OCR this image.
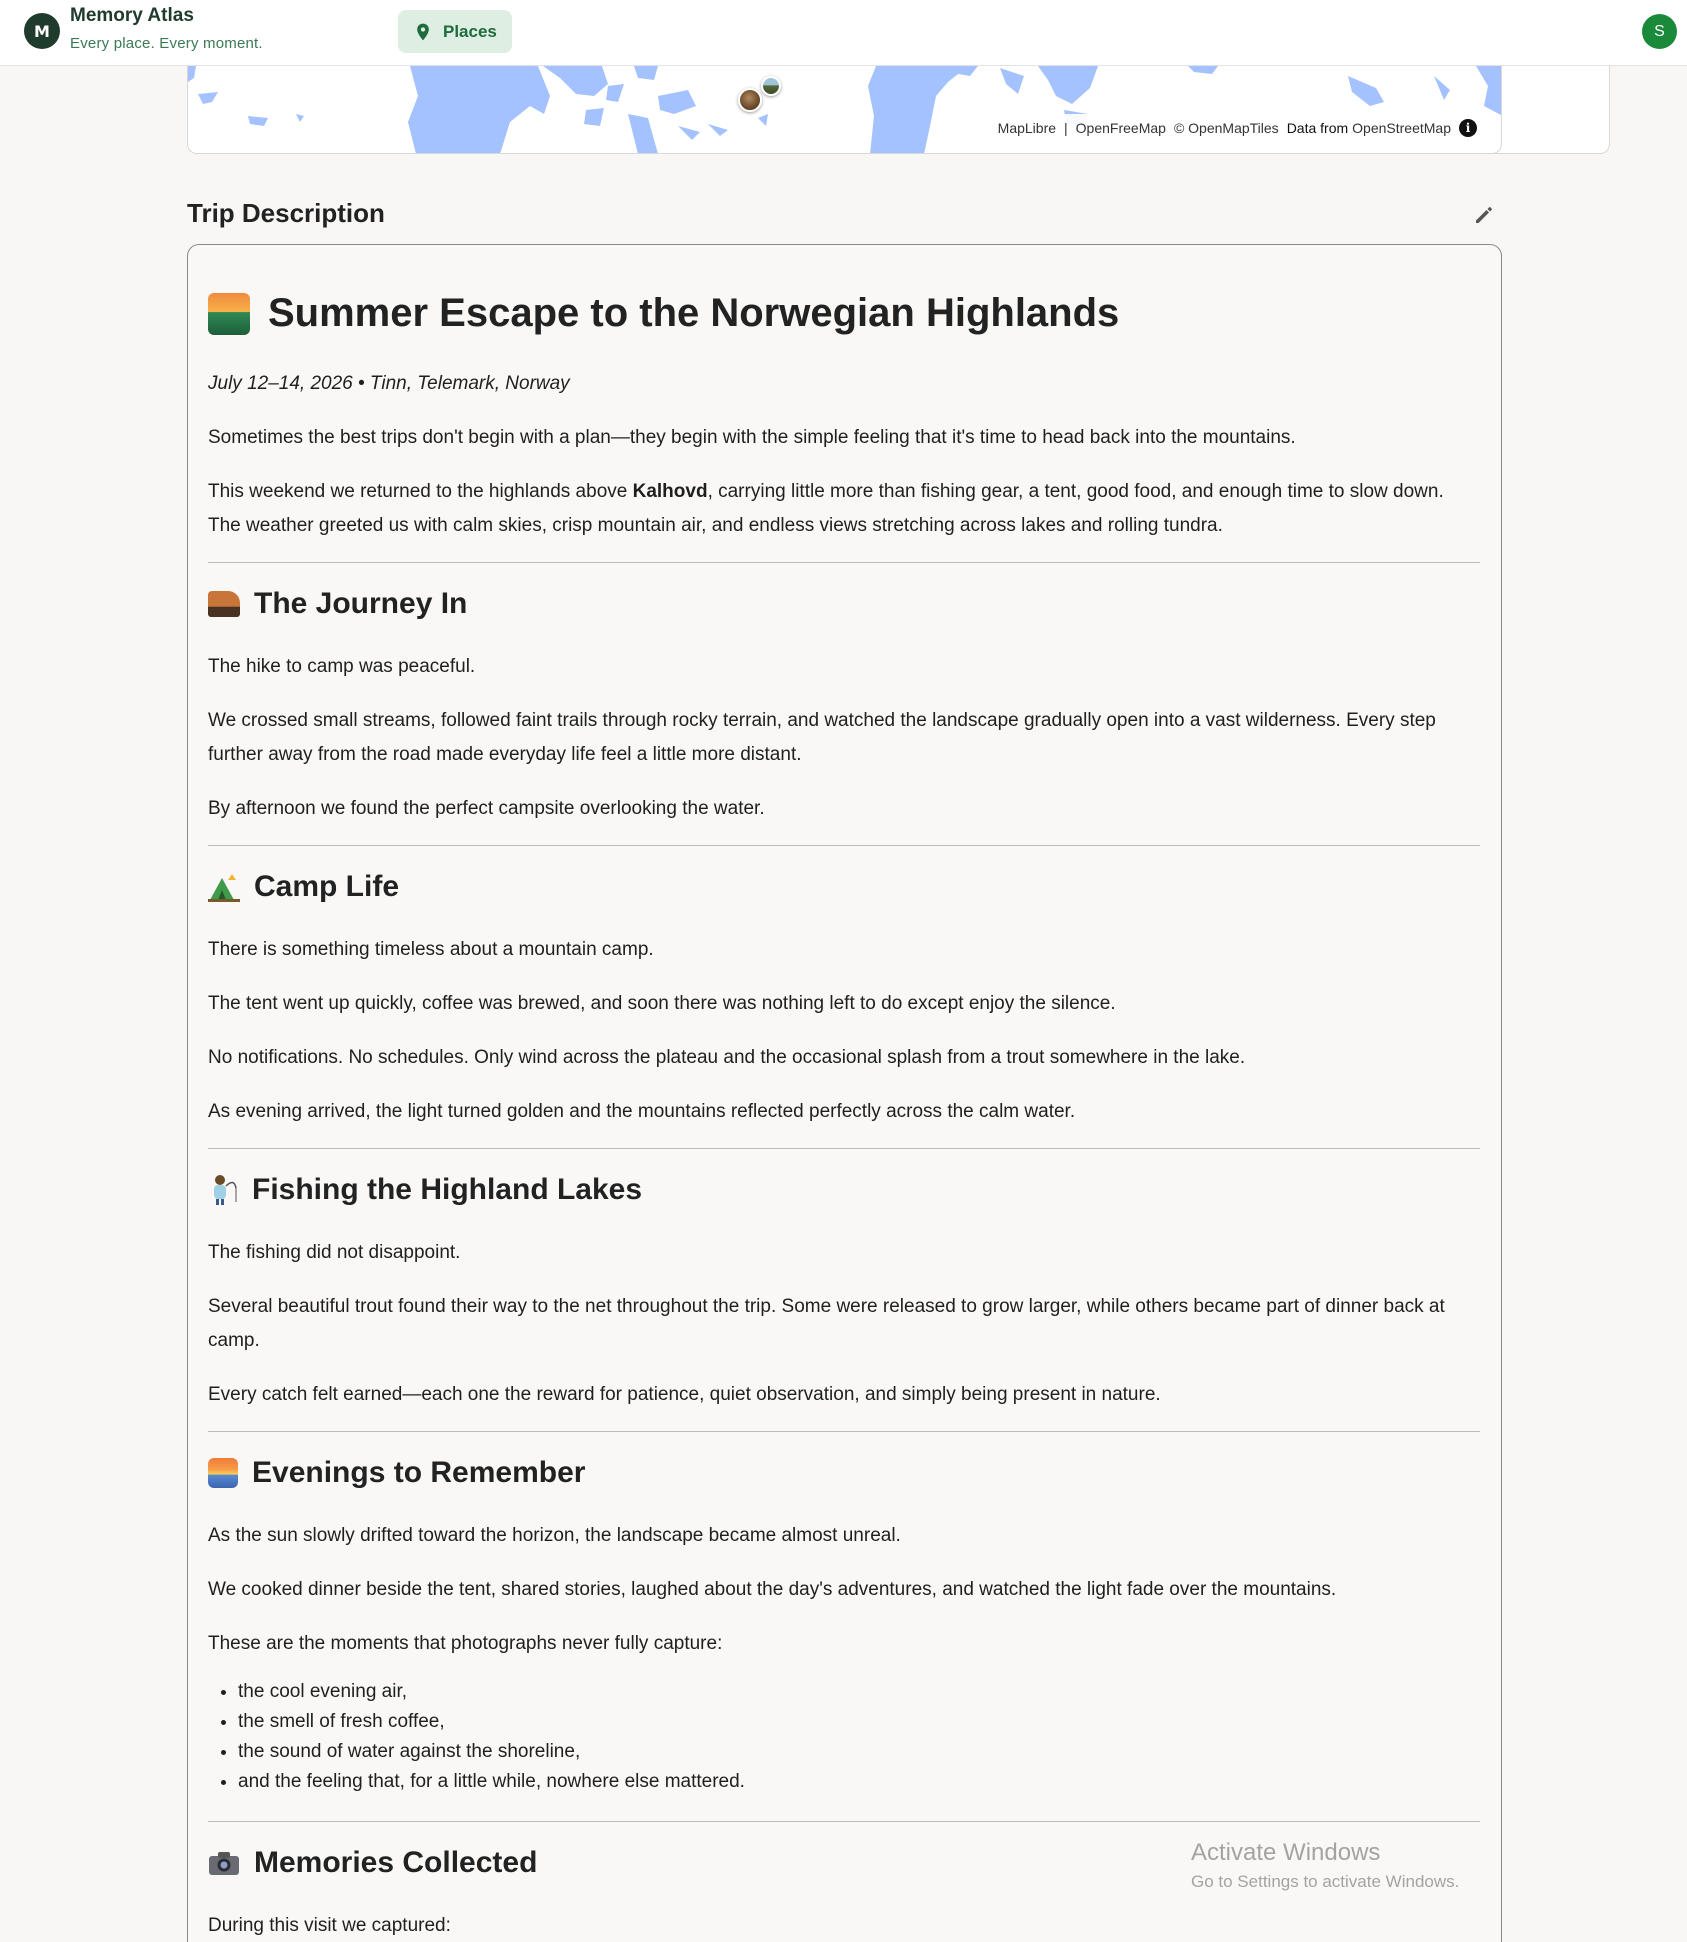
M
Memory Atlas
Every place. Every moment.
Places	S
MapLibre | OpenFreeMap © OpenMapTiles Data from OpenStreetMap	i
Trip Description
Summer Escape to the Norwegian Highlands
July 12–14, 2026 • Tinn, Telemark, Norway

Sometimes the best trips don't begin with a plan—they begin with the simple feeling that it's time to head back into the mountains.

This weekend we returned to the highlands above Kalhovd, carrying little more than fishing gear, a tent, good food, and enough time to slow down. The weather greeted us with calm skies, crisp mountain air, and endless views stretching across lakes and rolling tundra.

The Journey In

The hike to camp was peaceful.

We crossed small streams, followed faint trails through rocky terrain, and watched the landscape gradually open into a vast wilderness. Every step further away from the road made everyday life feel a little more distant.

By afternoon we found the perfect campsite overlooking the water.

Camp Life

There is something timeless about a mountain camp.

The tent went up quickly, coffee was brewed, and soon there was nothing left to do except enjoy the silence.

No notifications. No schedules. Only wind across the plateau and the occasional splash from a trout somewhere in the lake.

As evening arrived, the light turned golden and the mountains reflected perfectly across the calm water.

Fishing the Highland Lakes

The fishing did not disappoint.

Several beautiful trout found their way to the net throughout the trip. Some were released to grow larger, while others became part of dinner back at camp.

Every catch felt earned—each one the reward for patience, quiet observation, and simply being present in nature.

Evenings to Remember

As the sun slowly drifted toward the horizon, the landscape became almost unreal.

We cooked dinner beside the tent, shared stories, laughed about the day's adventures, and watched the light fade over the mountains.

These are the moments that photographs never fully capture:

• the cool evening air,
• the smell of fresh coffee,
• the sound of water against the shoreline,
• and the feeling that, for a little while, nowhere else mattered.
Memories Collected

During this visit we captured:

Activate Windows
Go to Settings to activate Windows.
